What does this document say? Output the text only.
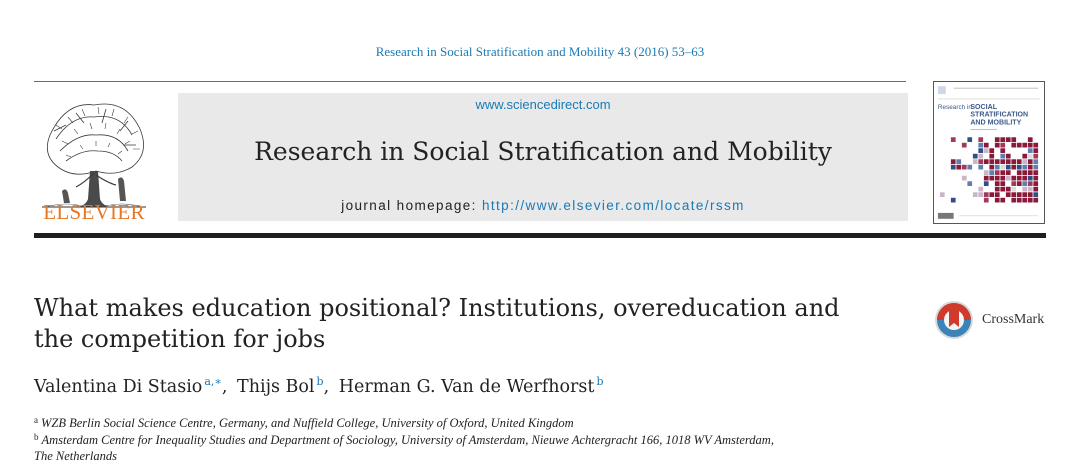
Research in Social Stratification and Mobility 43 (2016) 53–63
ELSEVIER
www.sciencedirect.com
Research in Social Stratification and Mobility
journal homepage: http://www.elsevier.com/locate/rssm
Research in
SOCIAL
STRATIFICATION
AND MOBILITY
What makes education positional? Institutions, overeducation and
the competition for jobs
CrossMark
Valentina Di Stasio $^{a,∗}$, Thijs Bol $^b$, Herman G. Van de Werfhorst $^b$
$^a$ WZB Berlin Social Science Centre, Germany, and Nuffield College, University of Oxford, United Kingdom
$^b$ Amsterdam Centre for Inequality Studies and Department of Sociology, University of Amsterdam, Nieuwe Achtergracht 166, 1018 WV Amsterdam,
The Netherlands
